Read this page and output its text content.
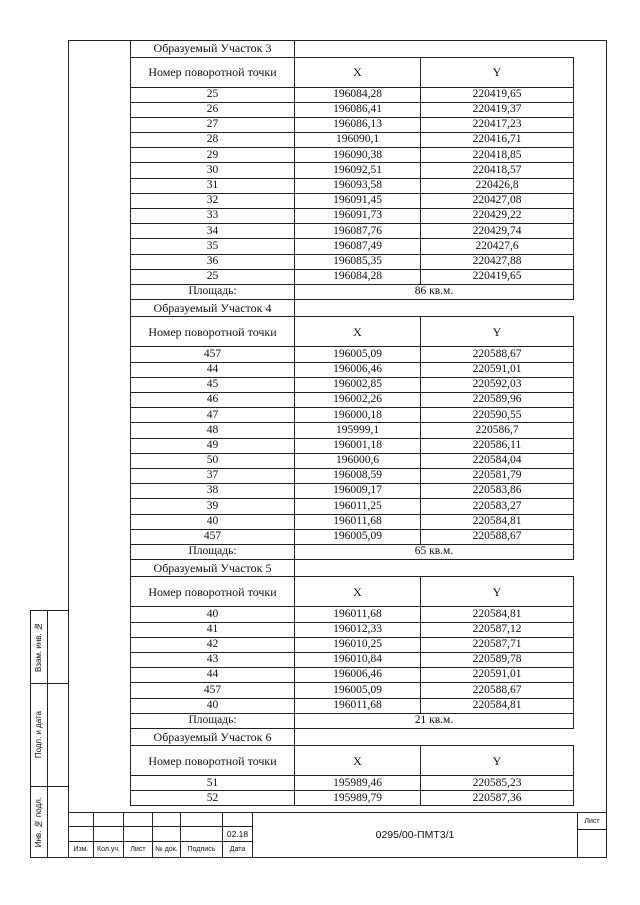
Взам. инв. №
Подп. и дата
Инв. № подл.
Образуемый Участок 3
Номер поворотной точки	X	Y
25	196084,28	220419,65
26	196086,41	220419,37
27	196086,13	220417,23
28	196090,1	220416,71
29	196090,38	220418,85
30	196092,51	220418,57
31	196093,58	220426,8
32	196091,45	220427,08
33	196091,73	220429,22
34	196087,76	220429,74
35	196087,49	220427,6
36	196085,35	220427,88
25	196084,28	220419,65
Площадь:	86 кв.м.
Образуемый Участок 4
Номер поворотной точки	X	Y
457	196005,09	220588,67
44	196006,46	220591,01
45	196002,85	220592,03
46	196002,26	220589,96
47	196000,18	220590,55
48	195999,1	220586,7
49	196001,18	220586,11
50	196000,6	220584,04
37	196008,59	220581,79
38	196009,17	220583,86
39	196011,25	220583,27
40	196011,68	220584,81
457	196005,09	220588,67
Площадь:	65 кв.м.
Образуемый Участок 5
Номер поворотной точки	X	Y
40	196011,68	220584,81
41	196012,33	220587,12
42	196010,25	220587,71
43	196010,84	220589,78
44	196006,46	220591,01
457	196005,09	220588,67
40	196011,68	220584,81
Площадь:	21 кв.м.
Образуемый Участок 6
Номер поворотной точки	X	Y
51	195989,46	220585,23
52	195989,79	220587,36
02.18
Изм.	Кол.уч.	Лист	№ док.	Подпись	Дата
0295/00-ПМТ3/1
Лист
